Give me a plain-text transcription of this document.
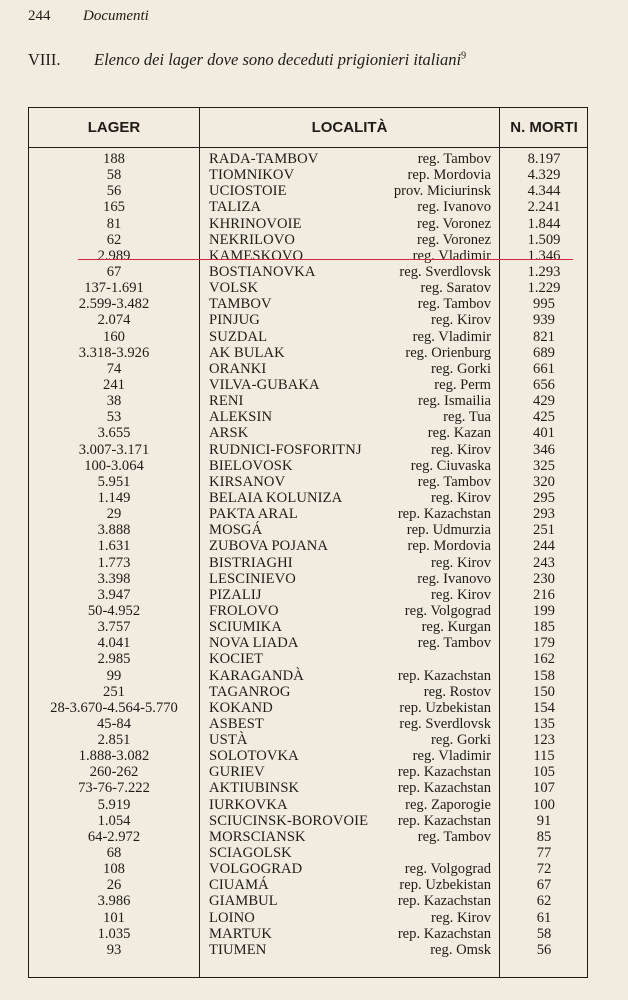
244 Documenti
VIII. Elenco dei lager dove sono deceduti prigionieri italiani$^9$
LAGER	LOCALITÀ	N. MORTI
188	RADA-TAMBOV	reg. Tambov	8.197
58	TIOMNIKOV	rep. Mordovia	4.329
56	UCIOSTOIE	prov. Miciurinsk	4.344
165	TALIZA	reg. Ivanovo	2.241
81	KHRINOVOIE	reg. Voronez	1.844
62	NEKRILOVO	reg. Voronez	1.509
2.989	KAMESKOVO	reg. Vladimir	1.346
67	BOSTIANOVKA	reg. Sverdlovsk	1.293
137-1.691	VOLSK	reg. Saratov	1.229
2.599-3.482	TAMBOV	reg. Tambov	995
2.074	PINJUG	reg. Kirov	939
160	SUZDAL	reg. Vladimir	821
3.318-3.926	AK BULAK	reg. Orienburg	689
74	ORANKI	reg. Gorki	661
241	VILVA-GUBAKA	reg. Perm	656
38	RENI	reg. Ismailia	429
53	ALEKSIN	reg. Tua	425
3.655	ARSK	reg. Kazan	401
3.007-3.171	RUDNICI-FOSFORITNJ	reg. Kirov	346
100-3.064	BIELOVOSK	reg. Ciuvaska	325
5.951	KIRSANOV	reg. Tambov	320
1.149	BELAIA KOLUNIZA	reg. Kirov	295
29	PAKTA ARAL	rep. Kazachstan	293
3.888	MOSGÁ	rep. Udmurzia	251
1.631	ZUBOVA POJANA	rep. Mordovia	244
1.773	BISTRIAGHI	reg. Kirov	243
3.398	LESCINIEVO	reg. Ivanovo	230
3.947	PIZALIJ	reg. Kirov	216
50-4.952	FROLOVO	reg. Volgograd	199
3.757	SCIUMIKA	reg. Kurgan	185
4.041	NOVA LIADA	reg. Tambov	179
2.985	KOCIET	162
99	KARAGANDÀ	rep. Kazachstan	158
251	TAGANROG	reg. Rostov	150
28-3.670-4.564-5.770	KOKAND	rep. Uzbekistan	154
45-84	ASBEST	reg. Sverdlovsk	135
2.851	USTÀ	reg. Gorki	123
1.888-3.082	SOLOTOVKA	reg. Vladimir	115
260-262	GURIEV	rep. Kazachstan	105
73-76-7.222	AKTIUBINSK	rep. Kazachstan	107
5.919	IURKOVKA	reg. Zaporogie	100
1.054	SCIUCINSK-BOROVOIE rep. Kazachstan	91
64-2.972	MORSCIANSK	reg. Tambov	85
68	SCIAGOLSK	77
108	VOLGOGRAD	reg. Volgograd	72
26	CIUAMÁ	rep. Uzbekistan	67
3.986	GIAMBUL	rep. Kazachstan	62
101	LOINO	reg. Kirov	61
1.035	MARTUK	rep. Kazachstan	58
93	TIUMEN	reg. Omsk	56
